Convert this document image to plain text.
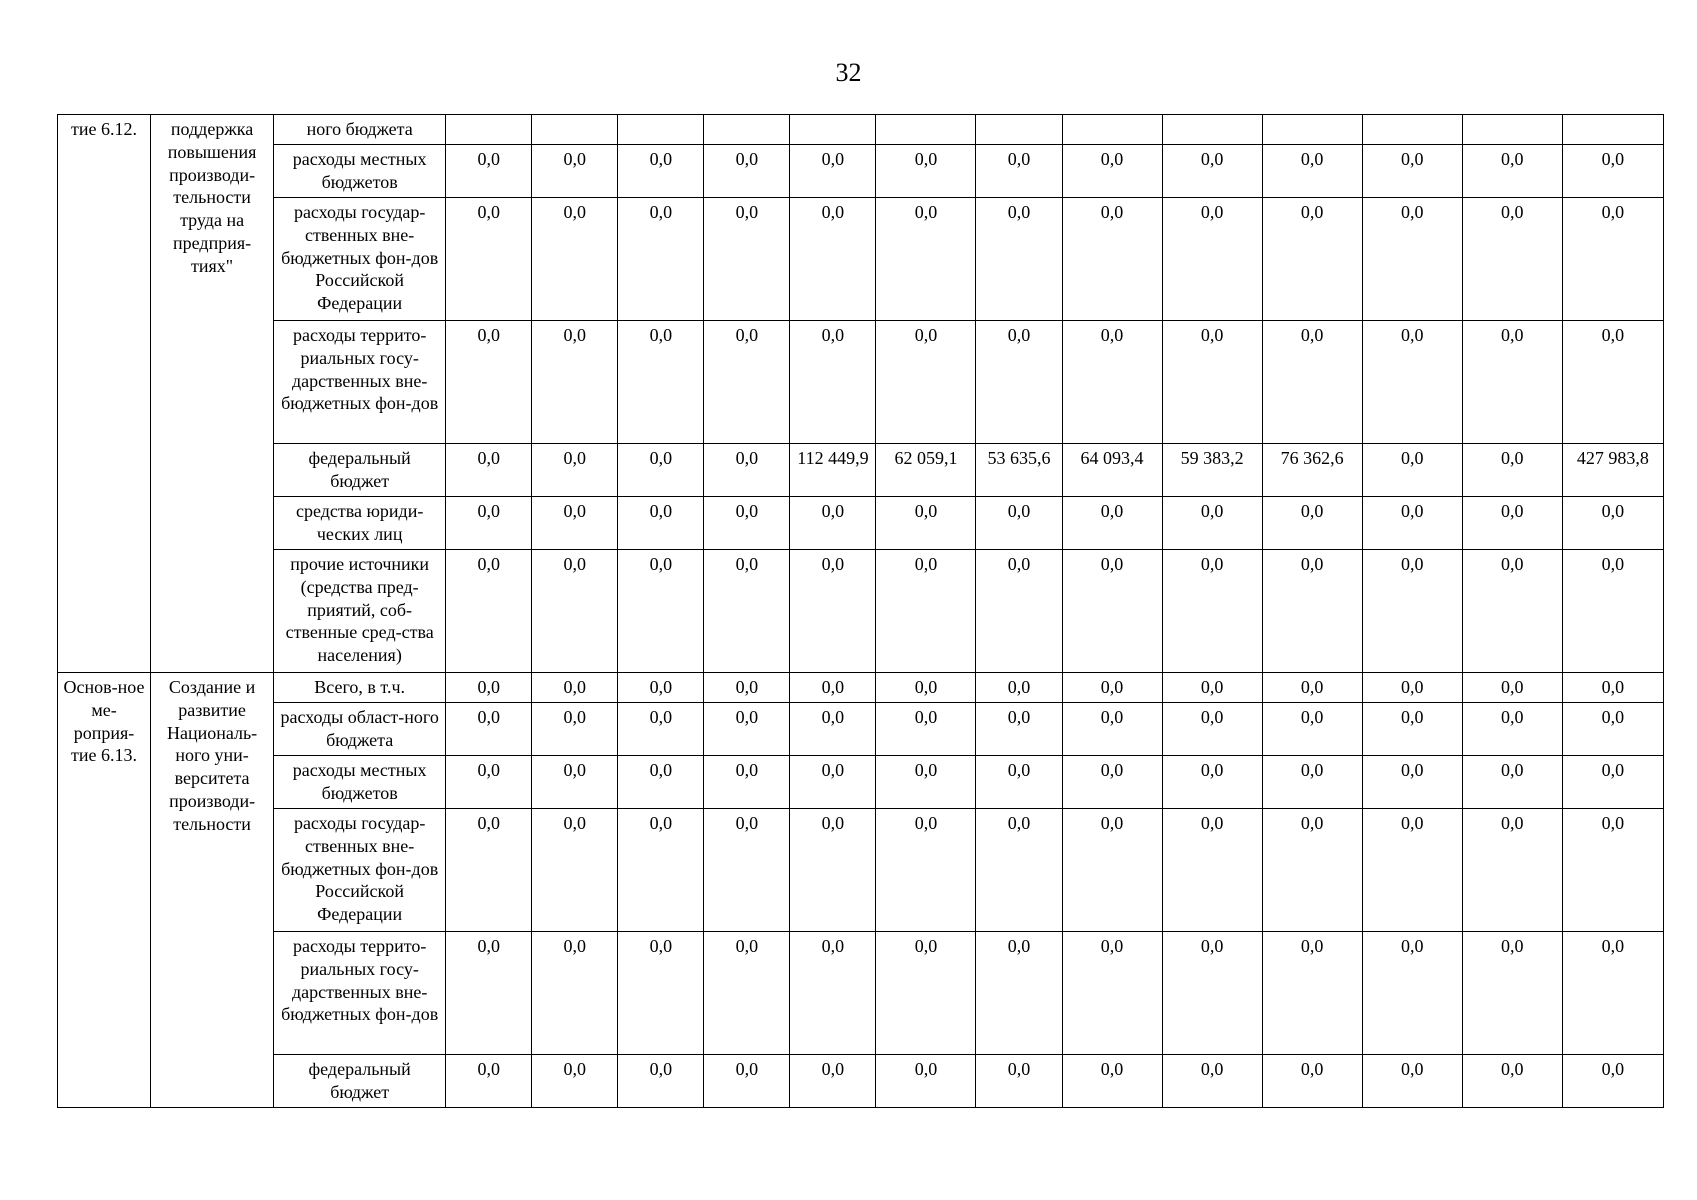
32
тие 6.12.	поддержка повышения производи-тельности труда на предприя-тиях"	ного бюджета													
		расходы местных бюджетов	0,0	0,0	0,0	0,0	0,0	0,0	0,0	0,0	0,0	0,0	0,0	0,0	0,0
		расходы государ-ственных вне-бюджетных фон-дов Российской Федерации	0,0	0,0	0,0	0,0	0,0	0,0	0,0	0,0	0,0	0,0	0,0	0,0	0,0
		расходы террито-риальных госу-дарственных вне-бюджетных фон-дов	0,0	0,0	0,0	0,0	0,0	0,0	0,0	0,0	0,0	0,0	0,0	0,0	0,0
		федеральный бюджет	0,0	0,0	0,0	0,0	112 449,9	62 059,1	53 635,6	64 093,4	59 383,2	76 362,6	0,0	0,0	427 983,8
		средства юриди-ческих лиц	0,0	0,0	0,0	0,0	0,0	0,0	0,0	0,0	0,0	0,0	0,0	0,0	0,0
		прочие источники (средства пред-приятий, соб-ственные сред-ства населения)	0,0	0,0	0,0	0,0	0,0	0,0	0,0	0,0	0,0	0,0	0,0	0,0	0,0
Основ-ное ме-роприя-тие 6.13.	Создание и развитие Националь-ного уни-верситета производи-тельности	Всего, в т.ч.	0,0	0,0	0,0	0,0	0,0	0,0	0,0	0,0	0,0	0,0	0,0	0,0	0,0
		расходы област-ного бюджета	0,0	0,0	0,0	0,0	0,0	0,0	0,0	0,0	0,0	0,0	0,0	0,0	0,0
		расходы местных бюджетов	0,0	0,0	0,0	0,0	0,0	0,0	0,0	0,0	0,0	0,0	0,0	0,0	0,0
		расходы государ-ственных вне-бюджетных фон-дов Российской Федерации	0,0	0,0	0,0	0,0	0,0	0,0	0,0	0,0	0,0	0,0	0,0	0,0	0,0
		расходы террито-риальных госу-дарственных вне-бюджетных фон-дов	0,0	0,0	0,0	0,0	0,0	0,0	0,0	0,0	0,0	0,0	0,0	0,0	0,0
		федеральный бюджет	0,0	0,0	0,0	0,0	0,0	0,0	0,0	0,0	0,0	0,0	0,0	0,0	0,0
